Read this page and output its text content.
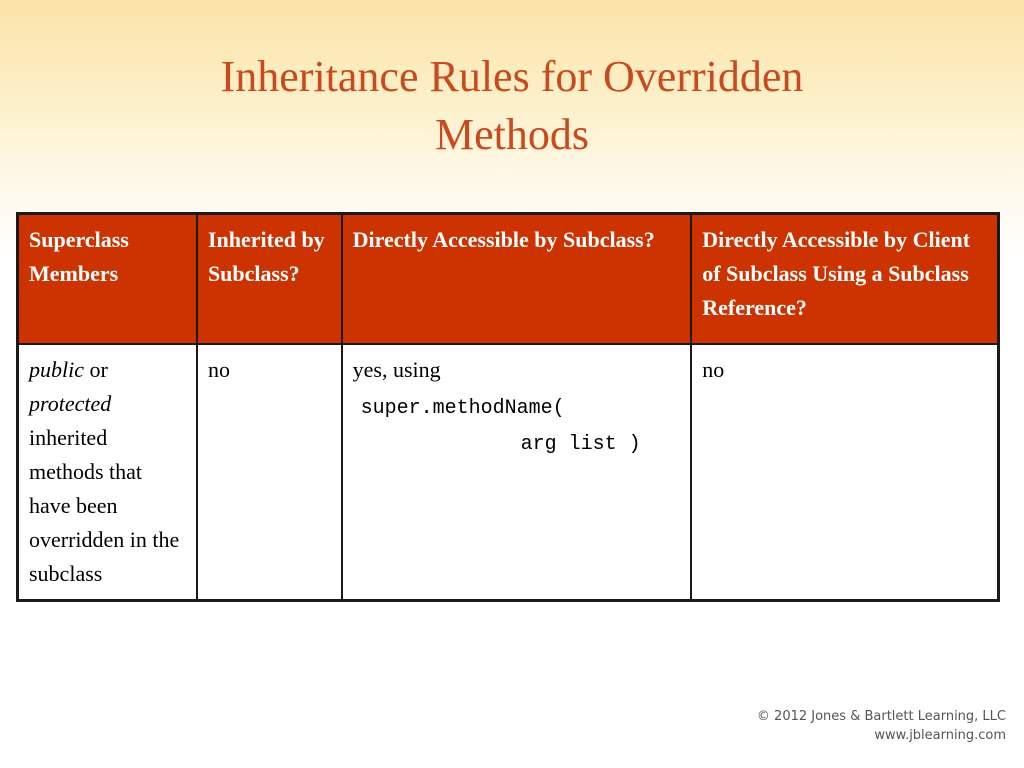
Inheritance Rules for Overridden
Methods
Superclass Members	Inherited by Subclass?	Directly Accessible by Subclass?	Directly Accessible by Client of Subclass Using a Subclass Reference?
public or protected inherited methods that have been overridden in the subclass	no	yes, using
super.methodName(
arg list )	no
© 2012 Jones & Bartlett Learning, LLC
www.jblearning.com
